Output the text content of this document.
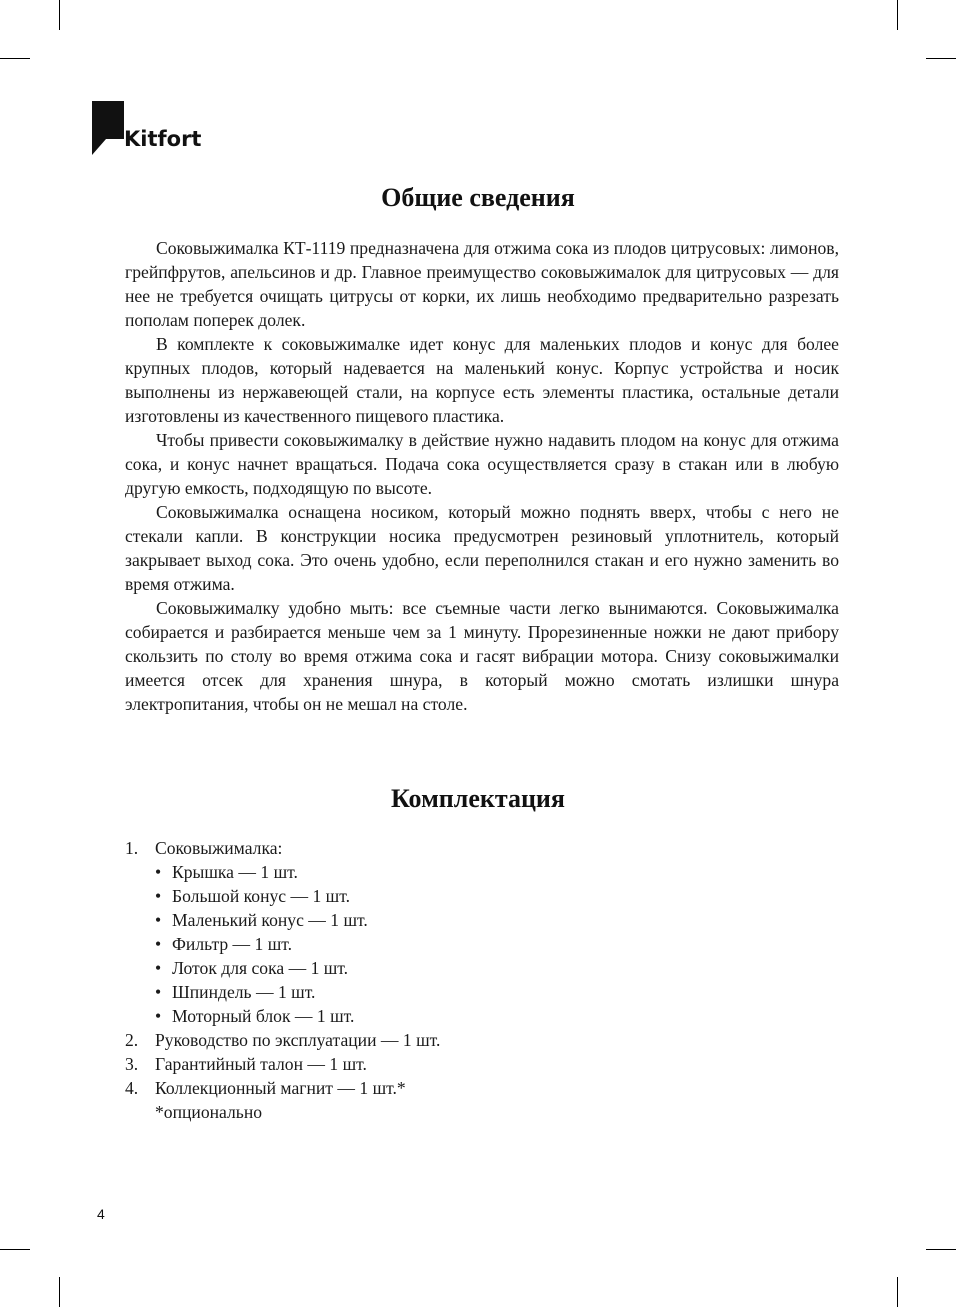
Kitfort
Общие сведения

Соковыжималка КТ-1119 предназначена для отжима сока из плодов цитрусовых: лимонов, грейпфрутов, апельсинов и др. Главное преимущество соковыжималок для цитрусовых — для нее не требуется очищать цитрусы от корки, их лишь необходимо предварительно разрезать пополам поперек долек.

В комплекте к соковыжималке идет конус для маленьких плодов и конус для более крупных плодов, который надевается на маленький конус. Корпус устройства и носик выполнены из нержавеющей стали, на корпусе есть элементы пластика, остальные детали изготовлены из качественного пищевого пластика.

Чтобы привести соковыжималку в действие нужно надавить плодом на конус для отжима сока, и конус начнет вращаться. Подача сока осуществляется сразу в стакан или в любую другую емкость, подходящую по высоте.

Соковыжималка оснащена носиком, который можно поднять вверх, чтобы с него не стекали капли. В конструкции носика предусмотрен резиновый уплотнитель, который закрывает выход сока. Это очень удобно, если переполнился стакан и его нужно заменить во время отжима.

Соковыжималку удобно мыть: все съемные части легко вынимаются. Соковыжималка собирается и разбирается меньше чем за 1 минуту. Прорезиненные ножки не дают прибору скользить по столу во время отжима сока и гасят вибрации мотора. Снизу соковыжималки имеется отсек для хранения шнура, в который можно смотать излишки шнура электропитания, чтобы он не мешал на столе.

Комплектация
1. Соковыжималка:
• Крышка — 1 шт.
• Большой конус — 1 шт.
• Маленький конус — 1 шт.
• Фильтр — 1 шт.
• Лоток для сока — 1 шт.
• Шпиндель — 1 шт.
• Моторный блок — 1 шт.
2. Руководство по эксплуатации — 1 шт.
3. Гарантийный талон — 1 шт.
4. Коллекционный магнит — 1 шт.*
*опционально
4
